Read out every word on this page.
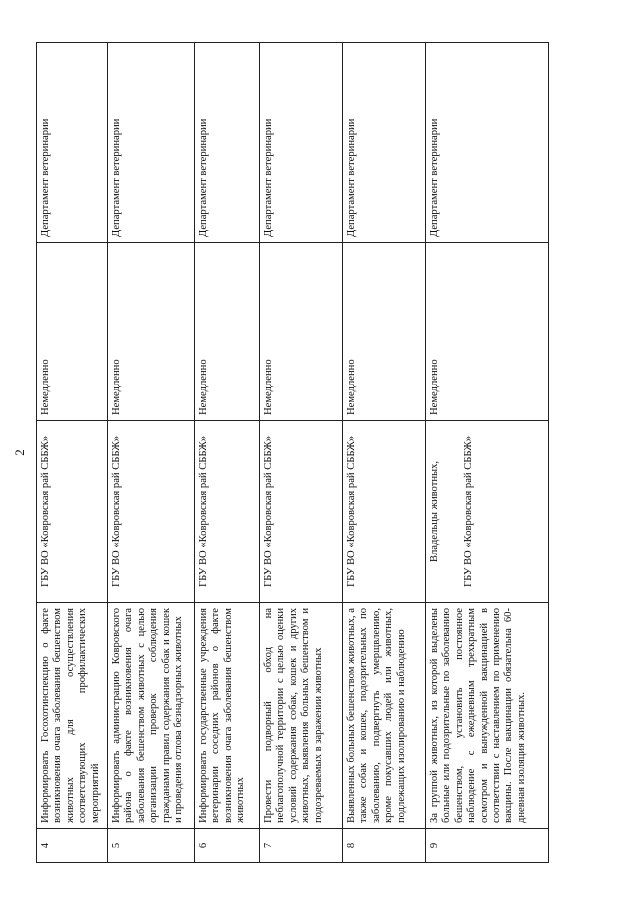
2
4	Информировать Госохотинспекцию о факте возникновения очага заболевания бешенством животных для осуществления соответствующих профилактических мероприятий	ГБУ ВО «Ковровская рай СББЖ»	Немедленно	Департамент ветеринарии
5	Информировать администрацию Ковровского района о факте возникновения очага заболевания бешенством животных с целью организации проверок соблюдения гражданами правил содержания собак и кошек и проведения отлова безнадзорных животных	ГБУ ВО «Ковровская рай СББЖ»	Немедленно	Департамент ветеринарии
6	Информировать государственные учреждения ветеринарии соседних районов о факте возникновения очага заболевания бешенством животных	ГБУ ВО «Ковровская рай СББЖ»	Немедленно	Департамент ветеринарии
7	Провести подворный обход на неблагополучной территории с целью оценки условий содержания собак, кошек и других животных, выявления больных бешенством и подозреваемых в заражении животных	ГБУ ВО «Ковровская рай СББЖ»	Немедленно	Департамент ветеринарии
8	Выявленных больных бешенством животных, а также собак и кошек, подозрительных по заболеванию, подвергнуть умерщвлению, кроме покусавших людей или животных, подлежащих изолированию и наблюдению	ГБУ ВО «Ковровская рай СББЖ»	Немедленно	Департамент ветеринарии
9	За группой животных, из которой выделены больные или подозрительные по заболеванию бешенством, установить постоянное наблюдение с ежедневным трехкратным осмотром и вынужденной вакцинацией в соответствии с наставлением по применению вакцины. После вакцинации обязательна 60-дневная изоляция животных.	Владельцы животных, ГБУ ВО «Ковровская рай СББЖ»	Немедленно	Департамент ветеринарии
